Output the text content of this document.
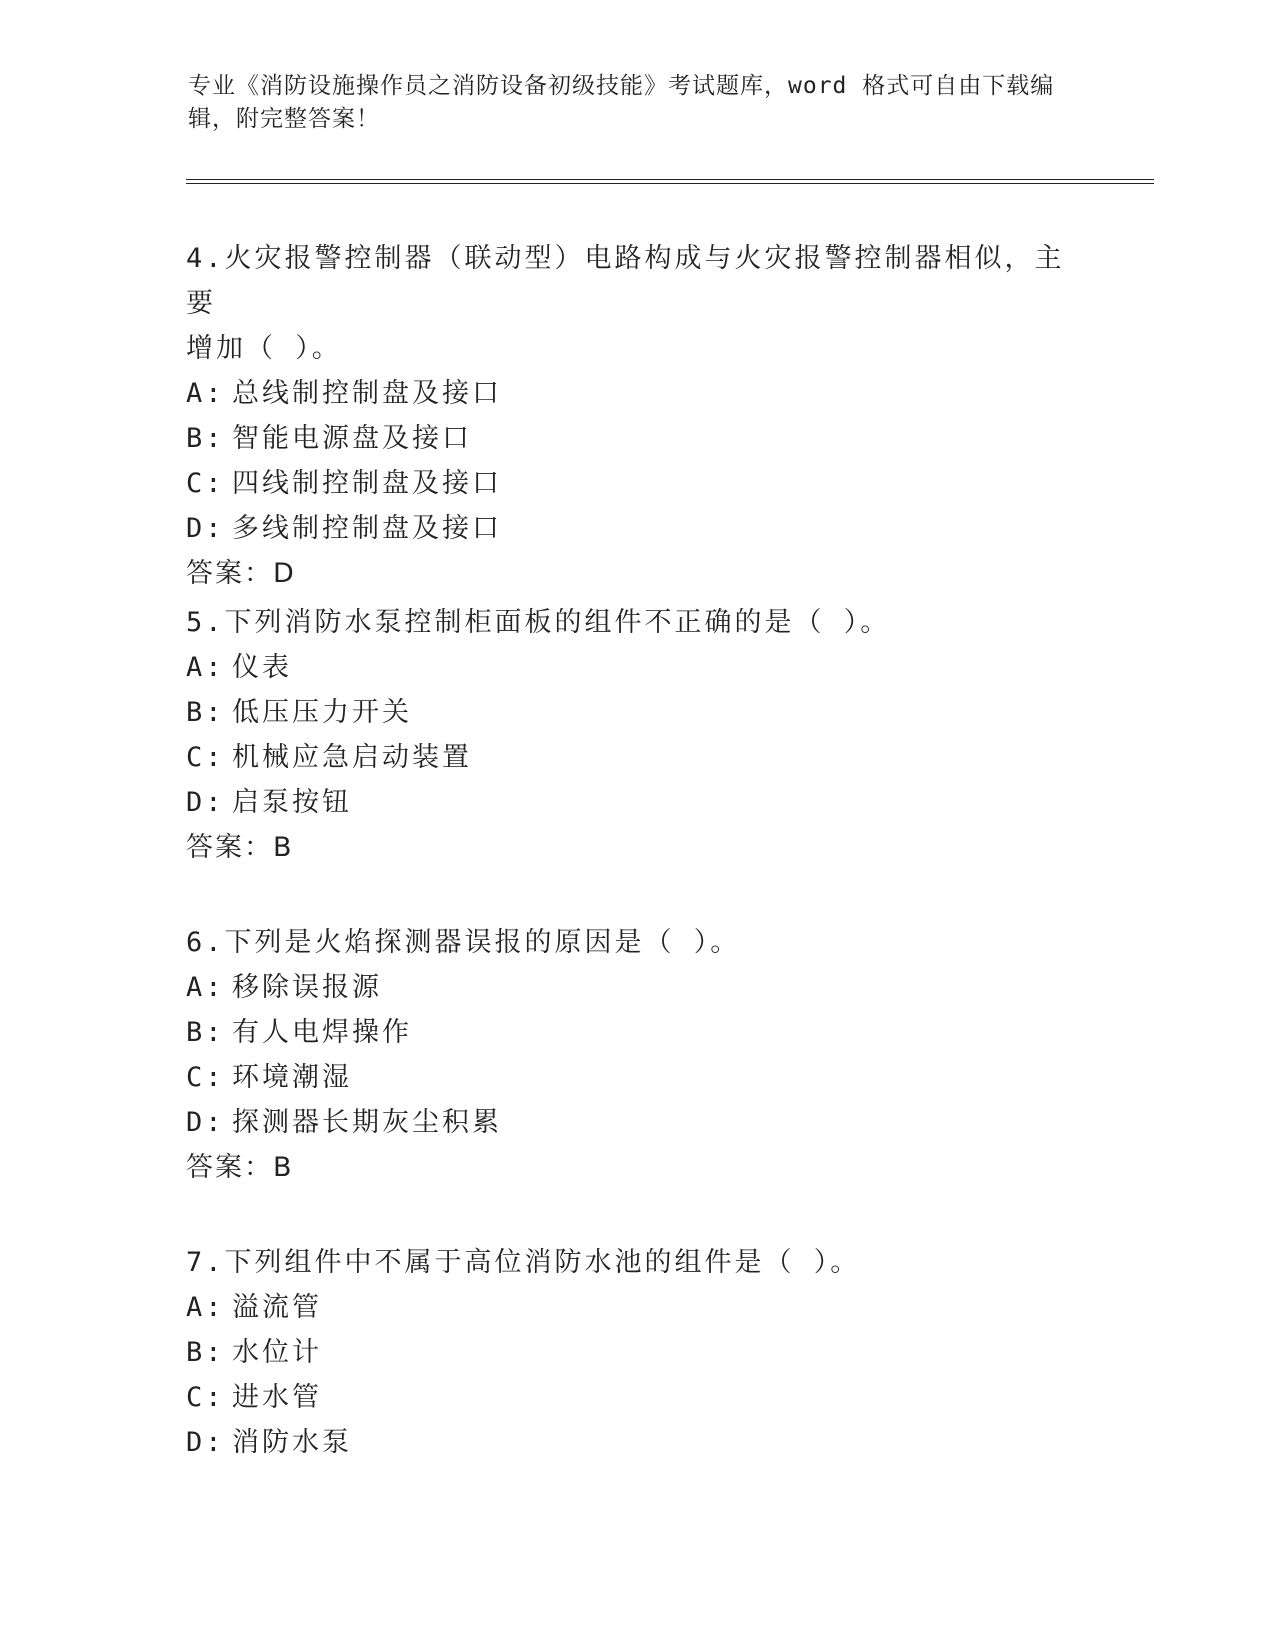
专业《消防设施操作员之消防设备初级技能》考试题库，word 格式可自由下载编
辑，附完整答案！

4.火灾报警控制器（联动型）电路构成与火灾报警控制器相似，主要

增加（ ）。

A: 总线制控制盘及接口

B: 智能电源盘及接口

C: 四线制控制盘及接口

D: 多线制控制盘及接口

答案：D

5.下列消防水泵控制柜面板的组件不正确的是（ ）。

A: 仪表

B: 低压压力开关

C: 机械应急启动装置

D: 启泵按钮

答案：B

6.下列是火焰探测器误报的原因是（ ）。

A: 移除误报源

B: 有人电焊操作

C: 环境潮湿

D: 探测器长期灰尘积累

答案：B

7.下列组件中不属于高位消防水池的组件是（ ）。

A: 溢流管

B: 水位计

C: 进水管

D: 消防水泵
